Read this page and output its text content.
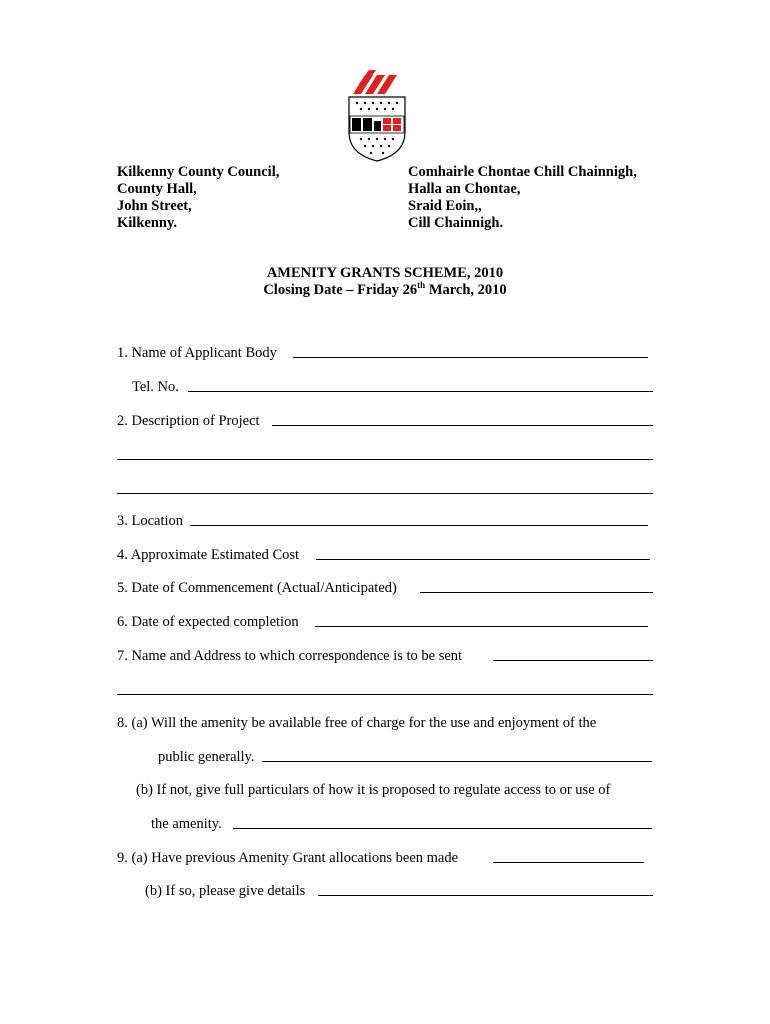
Kilkenny County Council,
County Hall,
John Street,
Kilkenny.
Comhairle Chontae Chill Chainnigh,
Halla an Chontae,
Sraid Eoin,,
Cill Chainnigh.
AMENITY GRANTS SCHEME, 2010
Closing Date – Friday 26th March, 2010
1. Name of Applicant Body
Tel. No.
2. Description of Project
3. Location
4. Approximate Estimated Cost
5. Date of Commencement (Actual/Anticipated)
6. Date of expected completion
7. Name and Address to which correspondence is to be sent
8. (a) Will the amenity be available free of charge for the use and enjoyment of the
public generally.
(b) If not, give full particulars of how it is proposed to regulate access to or use of
the amenity.
9. (a) Have previous Amenity Grant allocations been made
(b) If so, please give details
